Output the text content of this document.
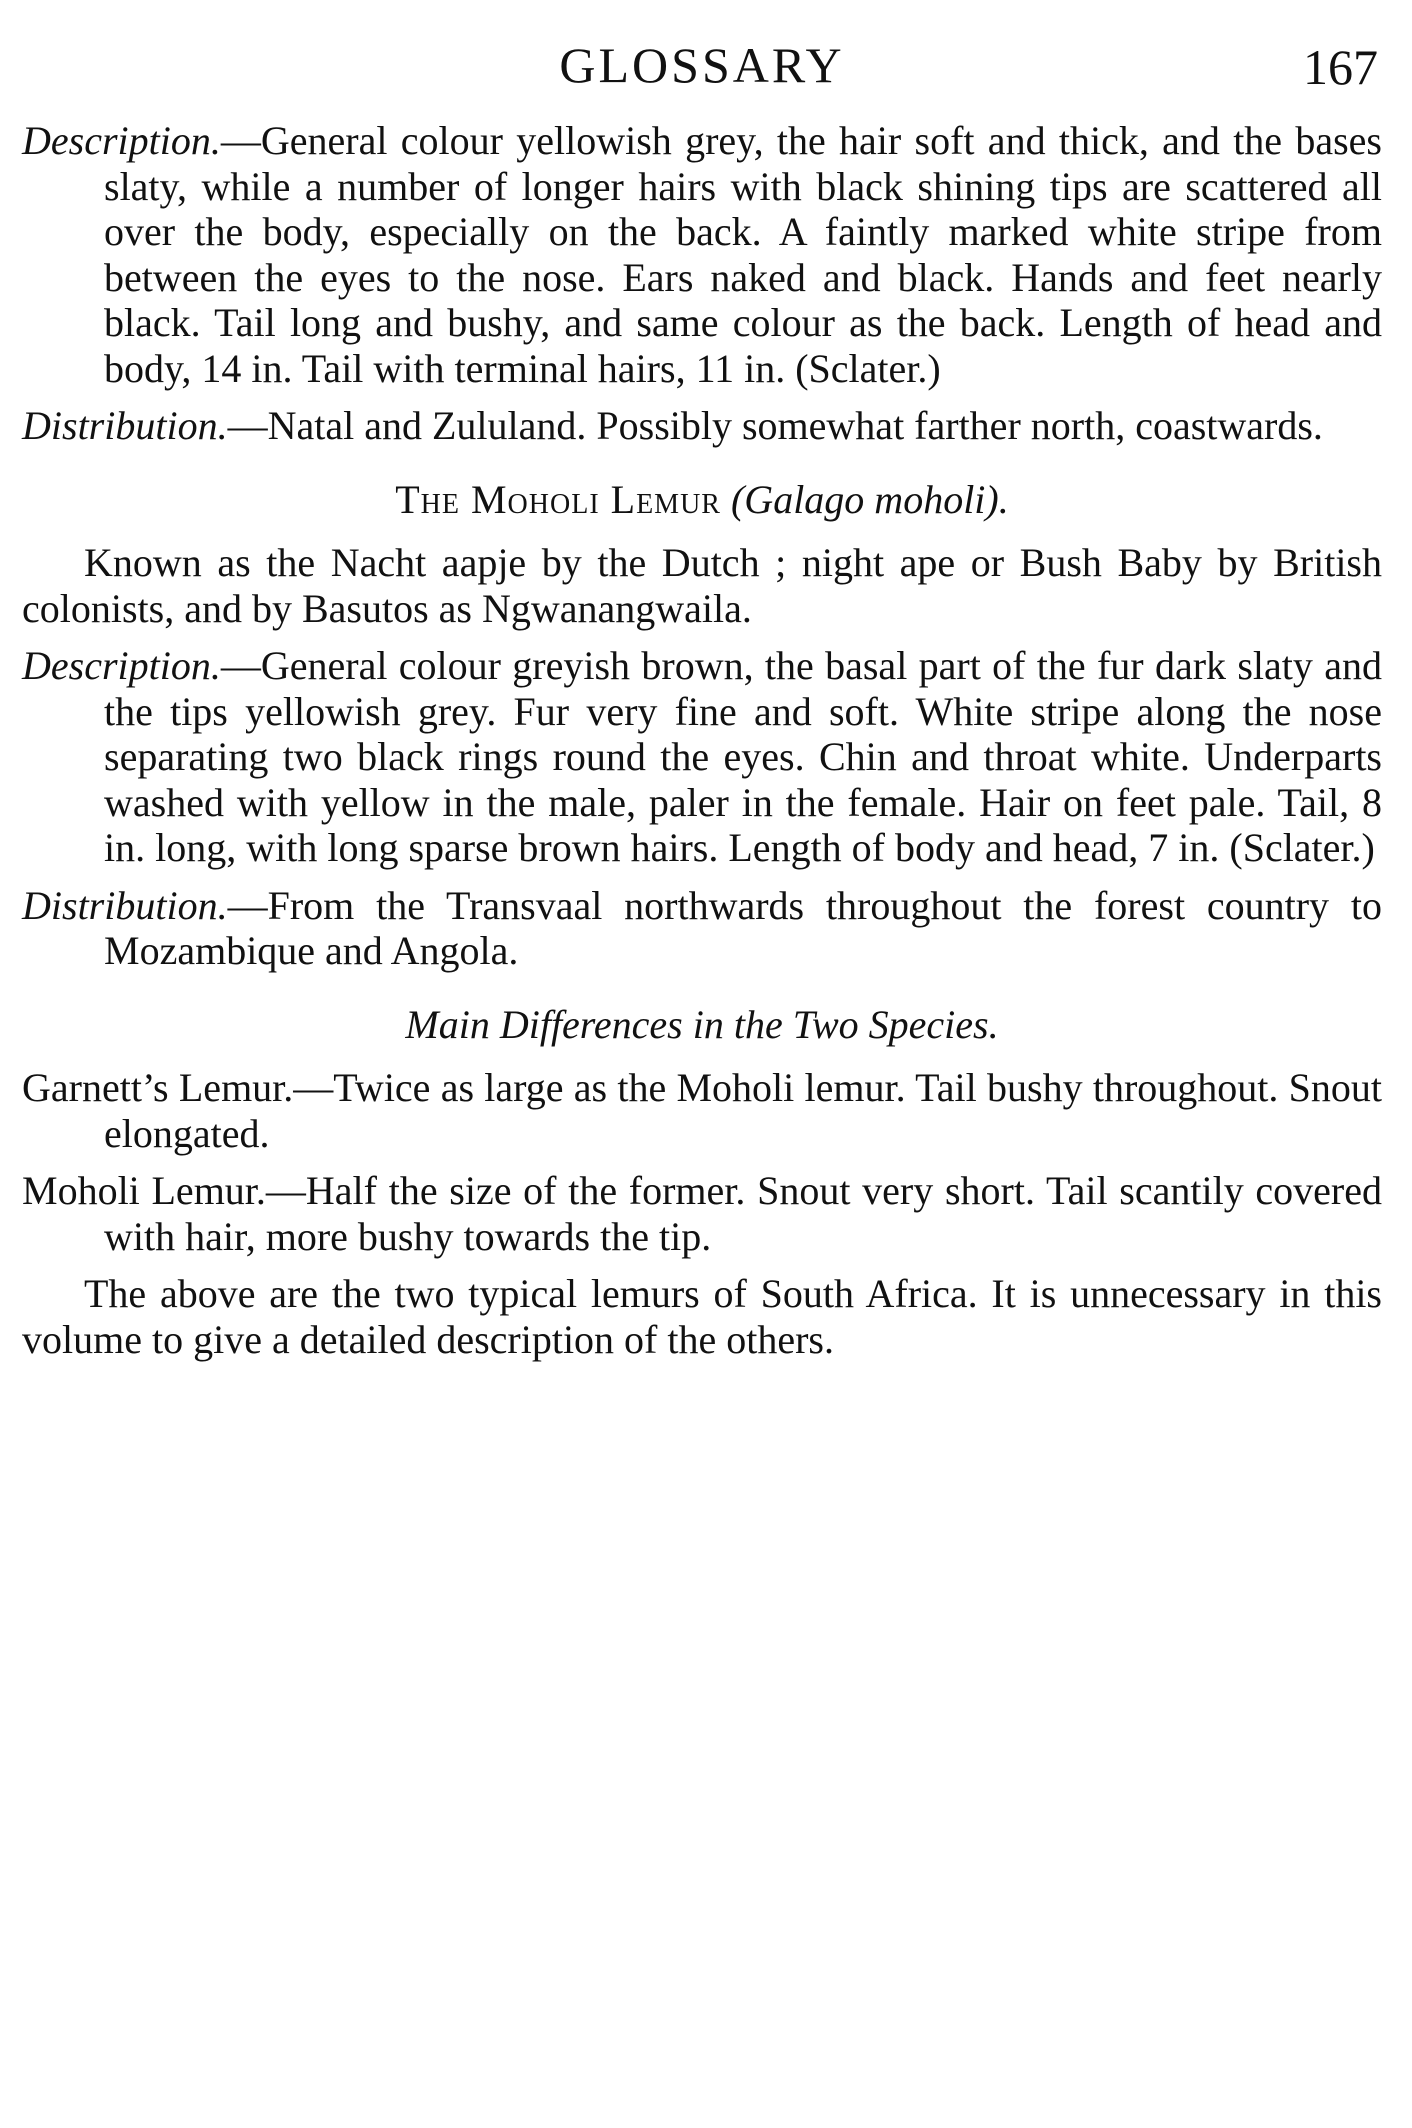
GLOSSARY	167

Description.—General colour yellowish grey, the hair soft and thick, and the bases slaty, while a number of longer hairs with black shining tips are scattered all over the body, especially on the back. A faintly marked white stripe from between the eyes to the nose. Ears naked and black. Hands and feet nearly black. Tail long and bushy, and same colour as the back. Length of head and body, 14 in. Tail with terminal hairs, 11 in. (Sclater.)

Distribution.—Natal and Zululand. Possibly somewhat farther north, coastwards.

The Moholi Lemur (Galago moholi).

Known as the Nacht aapje by the Dutch ; night ape or Bush Baby by British colonists, and by Basutos as Ngwanangwaila.

Description.—General colour greyish brown, the basal part of the fur dark slaty and the tips yellowish grey. Fur very fine and soft. White stripe along the nose separating two black rings round the eyes. Chin and throat white. Underparts washed with yellow in the male, paler in the female. Hair on feet pale. Tail, 8 in. long, with long sparse brown hairs. Length of body and head, 7 in. (Sclater.)

Distribution.—From the Transvaal northwards throughout the forest country to Mozambique and Angola.

Main Differences in the Two Species.

Garnett’s Lemur.—Twice as large as the Moholi lemur. Tail bushy throughout. Snout elongated.

Moholi Lemur.—Half the size of the former. Snout very short. Tail scantily covered with hair, more bushy towards the tip.

The above are the two typical lemurs of South Africa. It is unnecessary in this volume to give a detailed description of the others.
